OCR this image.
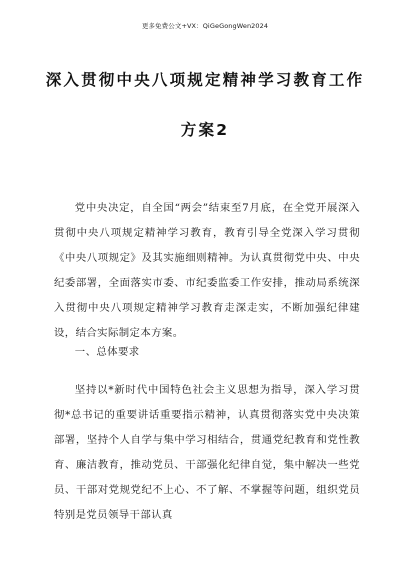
更多免费公文+VX：QiGeGongWen2024
深入贯彻中央八项规定精神学习教育工作
方案2

党中央决定，自全国“两会”结束至7月底，在全党开展深入贯彻中央八项规定精神学习教育，教育引导全党深入学习贯彻《中央八项规定》及其实施细则精神。为认真贯彻党中央、中央纪委部署，全面落实市委、市纪委监委工作安排，推动局系统深入贯彻中央八项规定精神学习教育走深走实，不断加强纪律建设，结合实际制定本方案。

一、总体要求

坚持以*新时代中国特色社会主义思想为指导，深入学习贯彻*总书记的重要讲话重要指示精神，认真贯彻落实党中央决策部署，坚持个人自学与集中学习相结合，贯通党纪教育和党性教育、廉洁教育，推动党员、干部强化纪律自觉，集中解决一些党员、干部对党规党纪不上心、不了解、不掌握等问题，组织党员特别是党员领导干部认真
